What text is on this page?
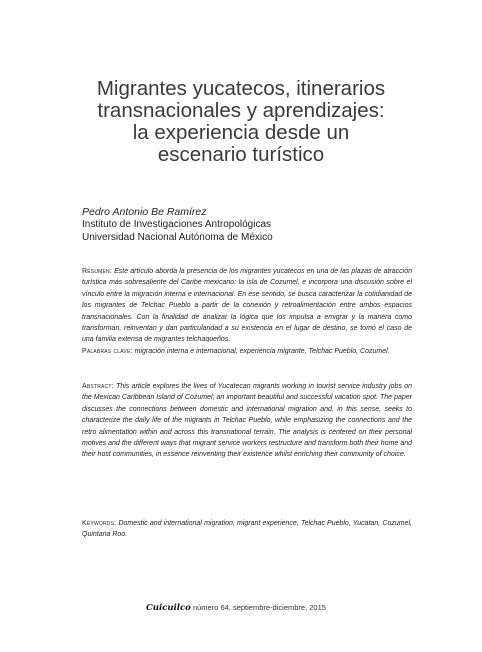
Migrantes yucatecos, itinerarios
transnacionales y aprendizajes:
la experiencia desde un
escenario turístico
Pedro Antonio Be Ramírez
Instituto de Investigaciones Antropológicas
Universidad Nacional Autónoma de México

Resumen: Este artículo aborda la presencia de los migrantes yucatecos en una de las plazas de atracción turística más sobresaliente del Caribe mexicano: la isla de Cozumel, e incorpora una discusión sobre el vínculo entre la migración interna e internacional. En ese sentido, se busca caracterizar la cotidianidad de los migrantes de Telchac Pueblo a partir de la conexión y retroalimentación entre ambos espacios transnacionales. Con la finalidad de analizar la lógica que los impulsa a emigrar y la manera como transforman, reinventan y dan particularidad a su existencia en el lugar de destino, se tomó el caso de una familia extensa de migrantes telchaqueños.

Palabras clave: migración interna e internacional, experiencia migrante, Telchac Pueblo, Cozumel.

Abstract: This article explores the lives of Yucatecan migrants working in tourist service industry jobs on the Mexican Caribbean Island of Cozumel; an important beautiful and successful vacation spot. The paper discusses the connections between domestic and international migration and, in this sense, seeks to characterize the daily life of the migrants in Telchac Pueblo, while emphasizing the connections and the retro alimentation within and across this transnational terrain. The analysis is centered on their personal motives and the different ways that migrant service workers restructure and transform both their home and their host communities, in essence reinventing their existence whilst enriching their community of choice.

Keywords: Domestic and international migration, migrant experience, Telchac Pueblo, Yucatan, Cozumel, Quintana Roo.

Cuicuilco número 64, septiembre-diciembre, 2015
